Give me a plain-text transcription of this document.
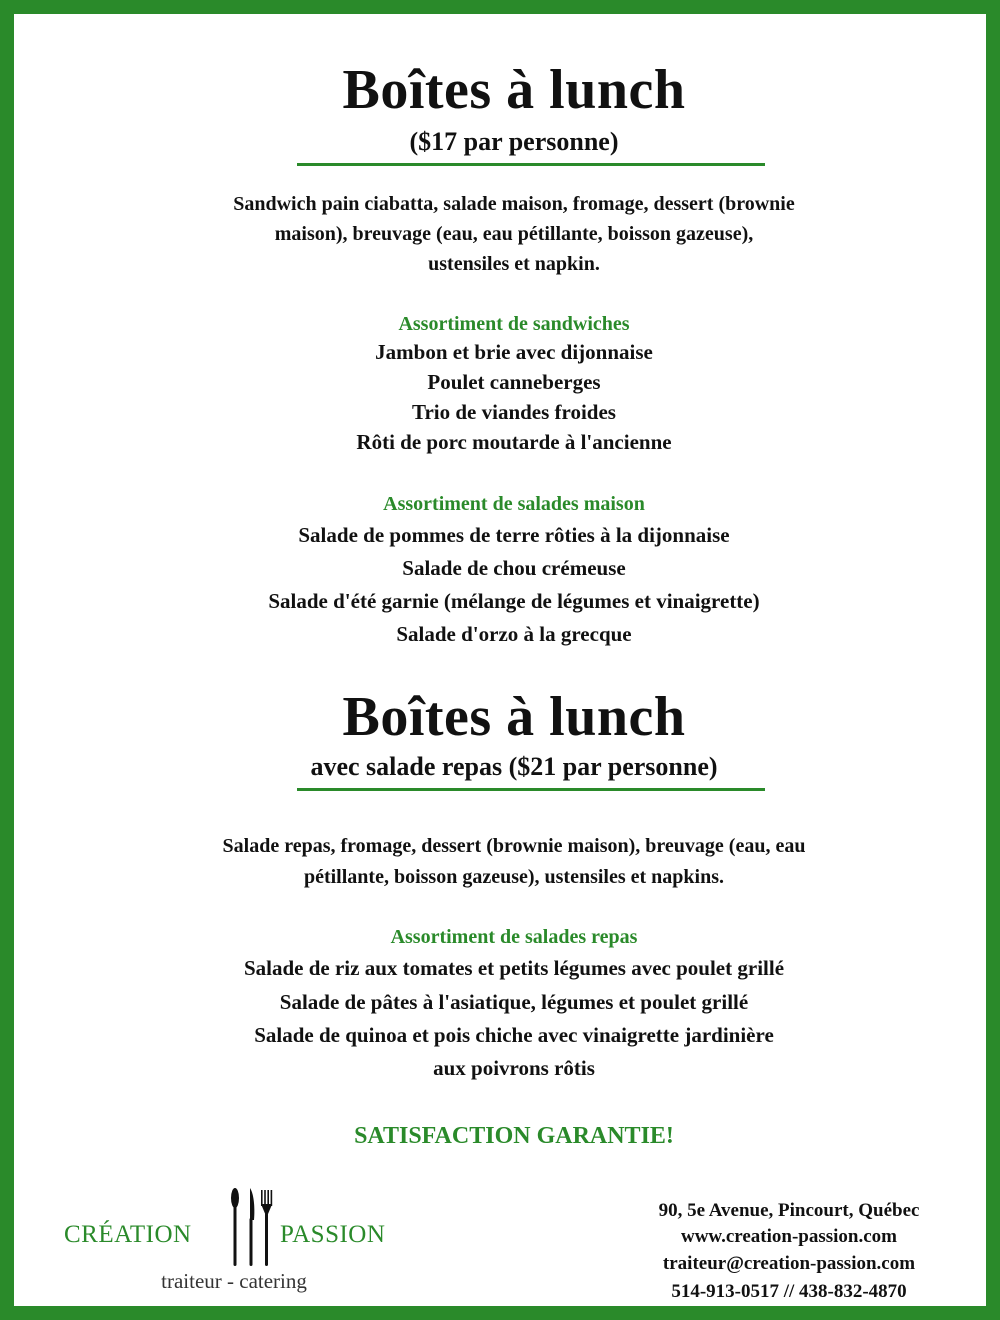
Boîtes à lunch
($17 par personne)
Sandwich pain ciabatta, salade maison, fromage, dessert (brownie
maison), breuvage (eau, eau pétillante, boisson gazeuse),
ustensiles et napkin.
Assortiment de sandwiches
Jambon et brie avec dijonnaise
Poulet canneberges
Trio de viandes froides
Rôti de porc moutarde à l'ancienne
Assortiment de salades maison
Salade de pommes de terre rôties à la dijonnaise
Salade de chou crémeuse
Salade d'été garnie (mélange de légumes et vinaigrette)
Salade d'orzo à la grecque
Boîtes à lunch
avec salade repas ($21 par personne)
Salade repas, fromage, dessert (brownie maison), breuvage (eau, eau
pétillante, boisson gazeuse), ustensiles et napkins.
Assortiment de salades repas
Salade de riz aux tomates et petits légumes avec poulet grillé
Salade de pâtes à l'asiatique, légumes et poulet grillé
Salade de quinoa et pois chiche avec vinaigrette jardinière
aux poivrons rôtis
SATISFACTION GARANTIE!
CRÉATION	PASSION
traiteur - catering
90, 5e Avenue, Pincourt, Québec
www.creation-passion.com
traiteur@creation-passion.com
514-913-0517 // 438-832-4870
